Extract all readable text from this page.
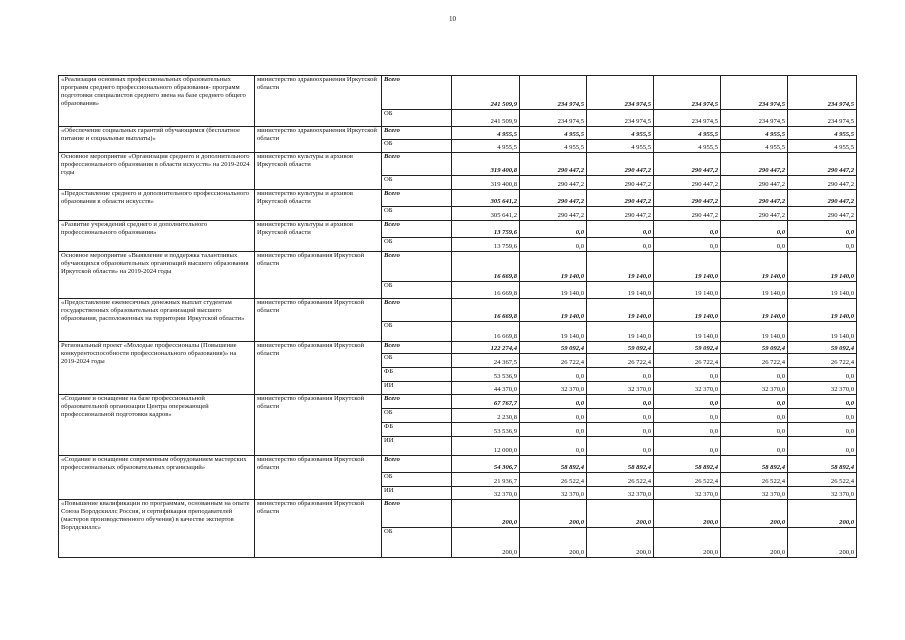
10
«Реализация основных профессиональных образовательных программ среднего профессионального образования- программ подготовки специалистов среднего звена на базе среднего общего образования»	министерство здравоохранения Иркутской области	Всего	241 509,9	234 974,5	234 974,5	234 974,5	234 974,5	234 974,5
		ОБ	241 509,9	234 974,5	234 974,5	234 974,5	234 974,5	234 974,5
«Обеспечение социальных гарантий обучающимся (бесплатное питание и социальные выплаты)»	министерство здравоохранения Иркутской области	Всего	4 955,5	4 955,5	4 955,5	4 955,5	4 955,5	4 955,5
		ОБ	4 955,5	4 955,5	4 955,5	4 955,5	4 955,5	4 955,5
Основное мероприятие «Организация среднего и дополнительного профессионального образования в области искусств» на 2019-2024 годы	министерство культуры и архивов Иркутской области	Всего	319 400,8	290 447,2	290 447,2	290 447,2	290 447,2	290 447,2
		ОБ	319 400,8	290 447,2	290 447,2	290 447,2	290 447,2	290 447,2
«Предоставление среднего и дополнительного профессионального образования в области искусств»	министерство культуры и архивов Иркутской области	Всего	305 641,2	290 447,2	290 447,2	290 447,2	290 447,2	290 447,2
		ОБ	305 641,2	290 447,2	290 447,2	290 447,2	290 447,2	290 447,2
«Развитие учреждений среднего и дополнительного профессионального образования»	министерство культуры и архивов Иркутской области	Всего	13 759,6	0,0	0,0	0,0	0,0	0,0
		ОБ	13 759,6	0,0	0,0	0,0	0,0	0,0
Основное мероприятие «Выявление и поддержка талантливых обучающихся образовательных организаций высшего образования Иркутской области» на 2019-2024 годы	министерство образования Иркутской области	Всего	16 669,8	19 140,0	19 140,0	19 140,0	19 140,0	19 140,0
		ОБ	16 669,8	19 140,0	19 140,0	19 140,0	19 140,0	19 140,0
«Предоставление ежемесячных денежных выплат студентам государственных образовательных организаций высшего образования, расположенных на территории Иркутской области»	министерство образования Иркутской области	Всего	16 669,8	19 140,0	19 140,0	19 140,0	19 140,0	19 140,0
		ОБ	16 669,8	19 140,0	19 140,0	19 140,0	19 140,0	19 140,0
Региональный проект «Молодые профессионалы (Повышение конкурентоспособности профессионального образования)» на 2019-2024 годы	министерство образования Иркутской области	Всего	122 274,4	59 092,4	59 092,4	59 092,4	59 092,4	59 092,4
		ОБ	24 367,5	26 722,4	26 722,4	26 722,4	26 722,4	26 722,4
		ФБ	53 536,9	0,0	0,0	0,0	0,0	0,0
		ИИ	44 370,0	32 370,0	32 370,0	32 370,0	32 370,0	32 370,0
«Создание и оснащение на базе профессиональной образовательной организации Центра опережающей профессиональной подготовки кадров»	министерство образования Иркутской области	Всего	67 767,7	0,0	0,0	0,0	0,0	0,0
		ОБ	2 230,8	0,0	0,0	0,0	0,0	0,0
		ФБ	53 536,9	0,0	0,0	0,0	0,0	0,0
		ИИ	12 000,0	0,0	0,0	0,0	0,0	0,0
«Создание и оснащение современным оборудованием мастерских профессиональных образовательных организаций»	министерство образования Иркутской области	Всего	54 306,7	58 892,4	58 892,4	58 892,4	58 892,4	58 892,4
		ОБ	21 936,7	26 522,4	26 522,4	26 522,4	26 522,4	26 522,4
		ИИ	32 370,0	32 370,0	32 370,0	32 370,0	32 370,0	32 370,0
«Повышение квалификации по программам, основанным на опыте Союза Ворлдскиллс Россия, и сертификация преподавателей (мастеров производственного обучения) в качестве экспертов Ворлдскиллс»	министерство образования Иркутской области	Всего	200,0	200,0	200,0	200,0	200,0	200,0
		ОБ	200,0	200,0	200,0	200,0	200,0	200,0
